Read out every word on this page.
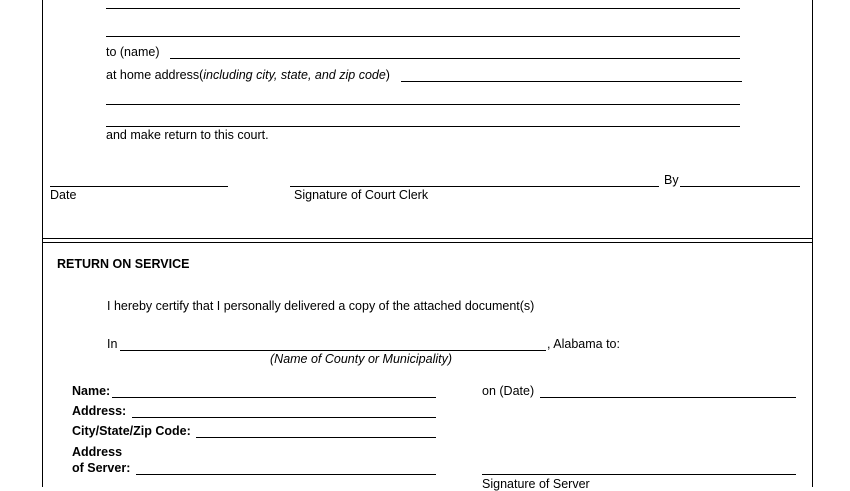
to (name)
at home address(including city, state, and zip code)
and make return to this court.
Date	Signature of Court Clerk
By
RETURN ON SERVICE
I hereby certify that I personally delivered a copy of the attached document(s)
In	, Alabama to:
(Name of County or Municipality)
Name:
Address:
City/State/Zip Code:
Address
of Server:
on (Date)
Signature of Server
